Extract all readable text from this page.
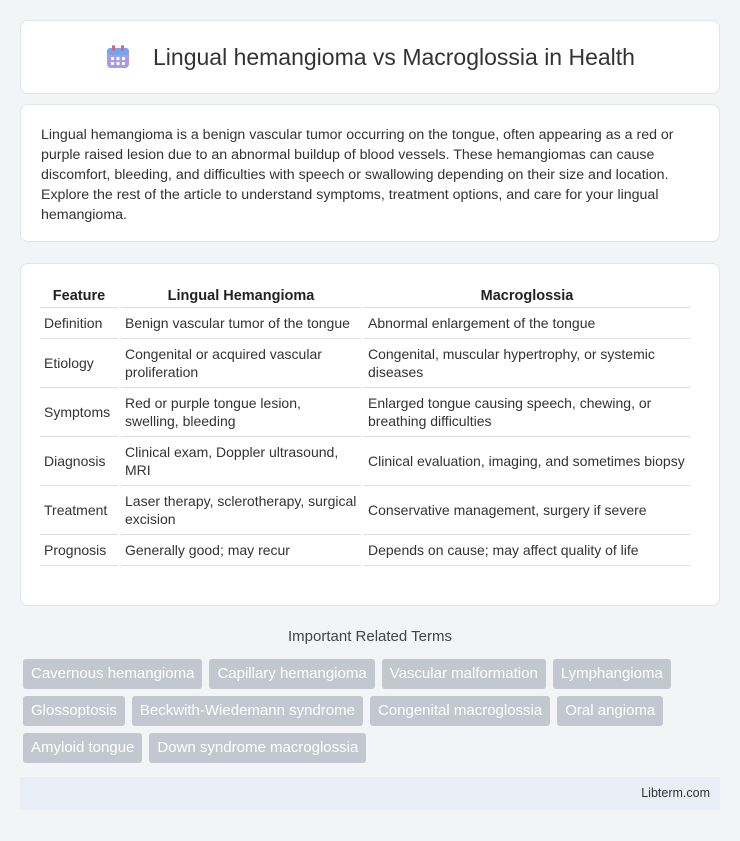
Lingual hemangioma vs Macroglossia in Health

Lingual hemangioma is a benign vascular tumor occurring on the tongue, often appearing as a red or purple raised lesion due to an abnormal buildup of blood vessels. These hemangiomas can cause discomfort, bleeding, and difficulties with speech or swallowing depending on their size and location. Explore the rest of the article to understand symptoms, treatment options, and care for your lingual hemangioma.

Feature	Lingual Hemangioma	Macroglossia
Definition	Benign vascular tumor of the tongue	Abnormal enlargement of the tongue
Etiology	Congenital or acquired vascular proliferation	Congenital, muscular hypertrophy, or systemic diseases
Symptoms	Red or purple tongue lesion, swelling, bleeding	Enlarged tongue causing speech, chewing, or breathing difficulties
Diagnosis	Clinical exam, Doppler ultrasound, MRI	Clinical evaluation, imaging, and sometimes biopsy
Treatment	Laser therapy, sclerotherapy, surgical excision	Conservative management, surgery if severe
Prognosis	Generally good; may recur	Depends on cause; may affect quality of life
Important Related Terms
Cavernous hemangioma	Capillary hemangioma	Vascular malformation	Lymphangioma
Glossoptosis	Beckwith-Wiedemann syndrome	Congenital macroglossia	Oral angioma
Amyloid tongue	Down syndrome macroglossia
Libterm.com
